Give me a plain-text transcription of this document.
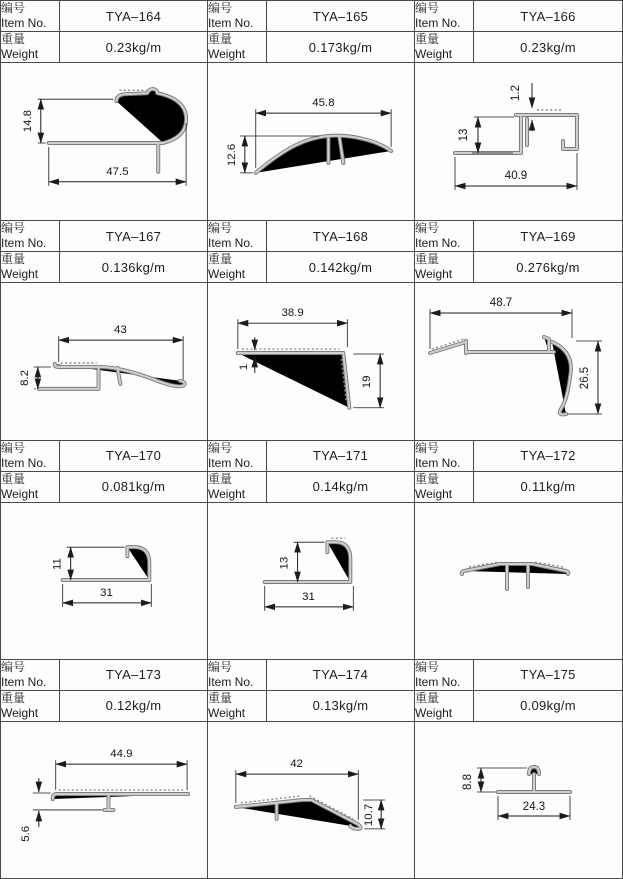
编号
Item No.	TYA–164
重量
Weight	0.23kg/m
14.8
47.5
编号
Item No.	TYA–165
重量
Weight	0.173kg/m
45.8
12.6
编号
Item No.	TYA–166
重量
Weight	0.23kg/m
1.2
13
40.9
编号
Item No.	TYA–167
重量
Weight	0.136kg/m
43
8.2
编号
Item No.	TYA–168
重量
Weight	0.142kg/m
38.9
1
19
编号
Item No.	TYA–169
重量
Weight	0.276kg/m
48.7
26.5
编号
Item No.	TYA–170
重量
Weight	0.081kg/m
11
31
编号
Item No.	TYA–171
重量
Weight	0.14kg/m
13
31
编号
Item No.	TYA–172
重量
Weight	0.11kg/m
编号
Item No.	TYA–173
重量
Weight	0.12kg/m
44.9
5.6
编号
Item No.	TYA–174
重量
Weight	0.13kg/m
42
10.7
编号
Item No.	TYA–175
重量
Weight	0.09kg/m
8.8
24.3
